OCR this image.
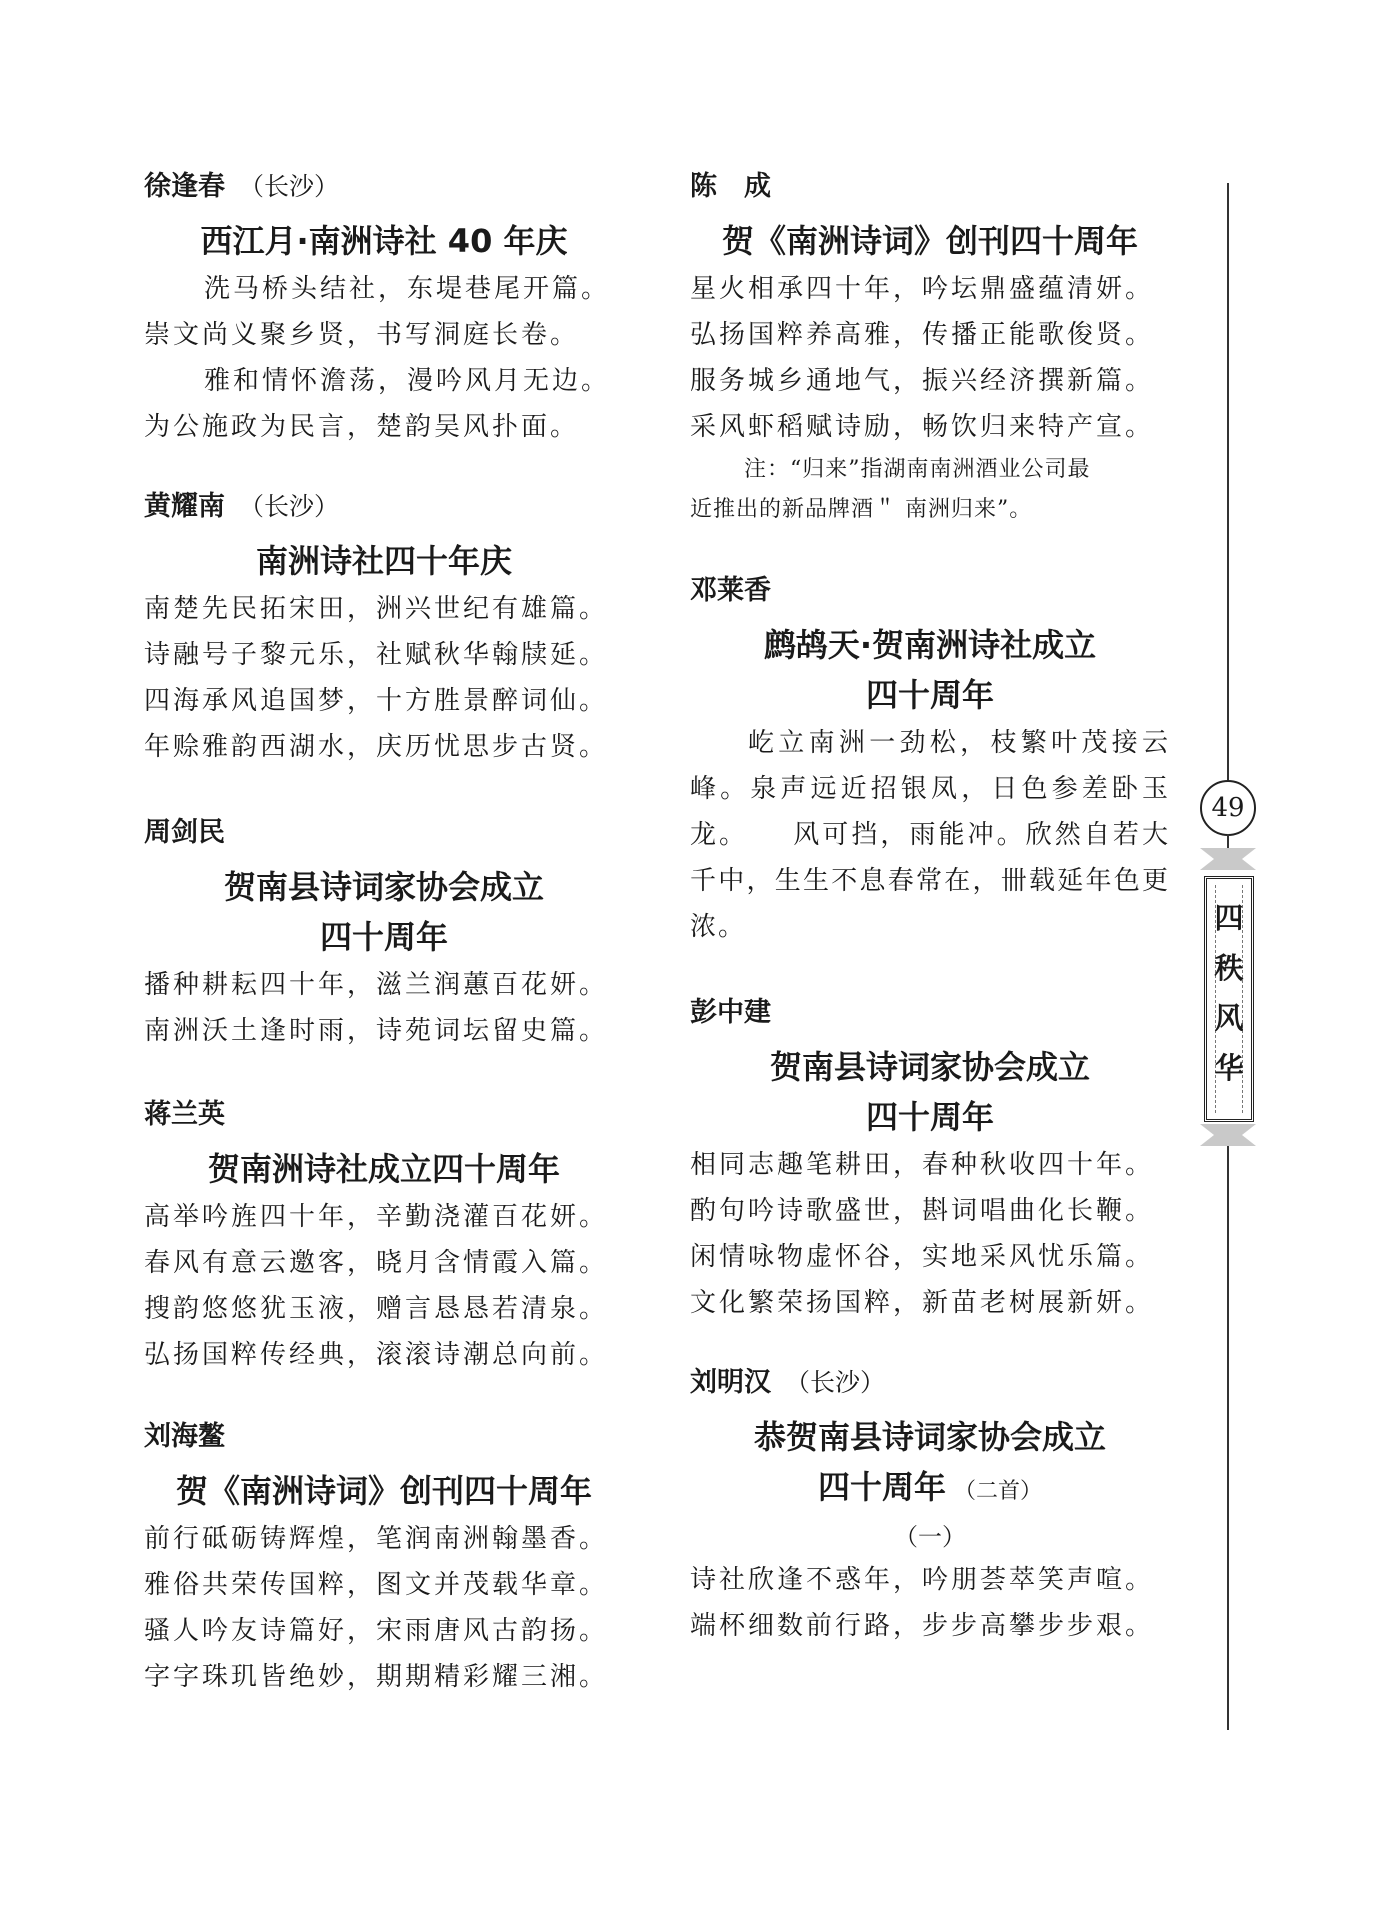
徐逢春 （长沙）
西江月·南洲诗社 40 年庆
洗马桥头结社，东堤巷尾开篇。
崇文尚义聚乡贤，书写洞庭长卷。
雅和情怀澹荡，漫吟风月无边。
为公施政为民言，楚韵吴风扑面。
黄耀南 （长沙）
南洲诗社四十年庆
南楚先民拓宋田，洲兴世纪有雄篇。
诗融号子黎元乐，社赋秋华翰牍延。
四海承风追国梦，十方胜景醉词仙。
年赊雅韵西湖水，庆历忧思步古贤。
周剑民
贺南县诗词家协会成立
四十周年
播种耕耘四十年，滋兰润蕙百花妍。
南洲沃土逢时雨，诗苑词坛留史篇。
蒋兰英
贺南洲诗社成立四十周年
高举吟旌四十年，辛勤浇灌百花妍。
春风有意云邀客，晓月含情霞入篇。
搜韵悠悠犹玉液，赠言恳恳若清泉。
弘扬国粹传经典，滚滚诗潮总向前。
刘海鳌
贺《南洲诗词》创刊四十周年
前行砥砺铸辉煌，笔润南洲翰墨香。
雅俗共荣传国粹，图文并茂载华章。
骚人吟友诗篇好，宋雨唐风古韵扬。
字字珠玑皆绝妙，期期精彩耀三湘。
陈　成
贺《南洲诗词》创刊四十周年
星火相承四十年，吟坛鼎盛蕴清妍。
弘扬国粹养高雅，传播正能歌俊贤。
服务城乡通地气，振兴经济撰新篇。
采风虾稻赋诗励，畅饮归来特产宣。
注：“归来”指湖南南洲酒业公司最
近推出的新品牌酒＂ 南洲归来”。
邓莱香
鹧鸪天·贺南洲诗社成立
四十周年

屹立南洲一劲松，枝繁叶茂接云峰。泉声远近招银凤，日色参差卧玉龙。　　风可挡，雨能冲。欣然自若大千中，生生不息春常在，卌载延年色更浓。

彭中建
贺南县诗词家协会成立
四十周年
相同志趣笔耕田，春种秋收四十年。
酌句吟诗歌盛世，斟词唱曲化长鞭。
闲情咏物虚怀谷，实地采风忧乐篇。
文化繁荣扬国粹，新苗老树展新妍。
刘明汉 （长沙）
恭贺南县诗词家协会成立
四十周年 （二首）
（一）
诗社欣逢不惑年，吟朋荟萃笑声喧。
端杯细数前行路，步步高攀步步艰。
49
四
秩
风
华
